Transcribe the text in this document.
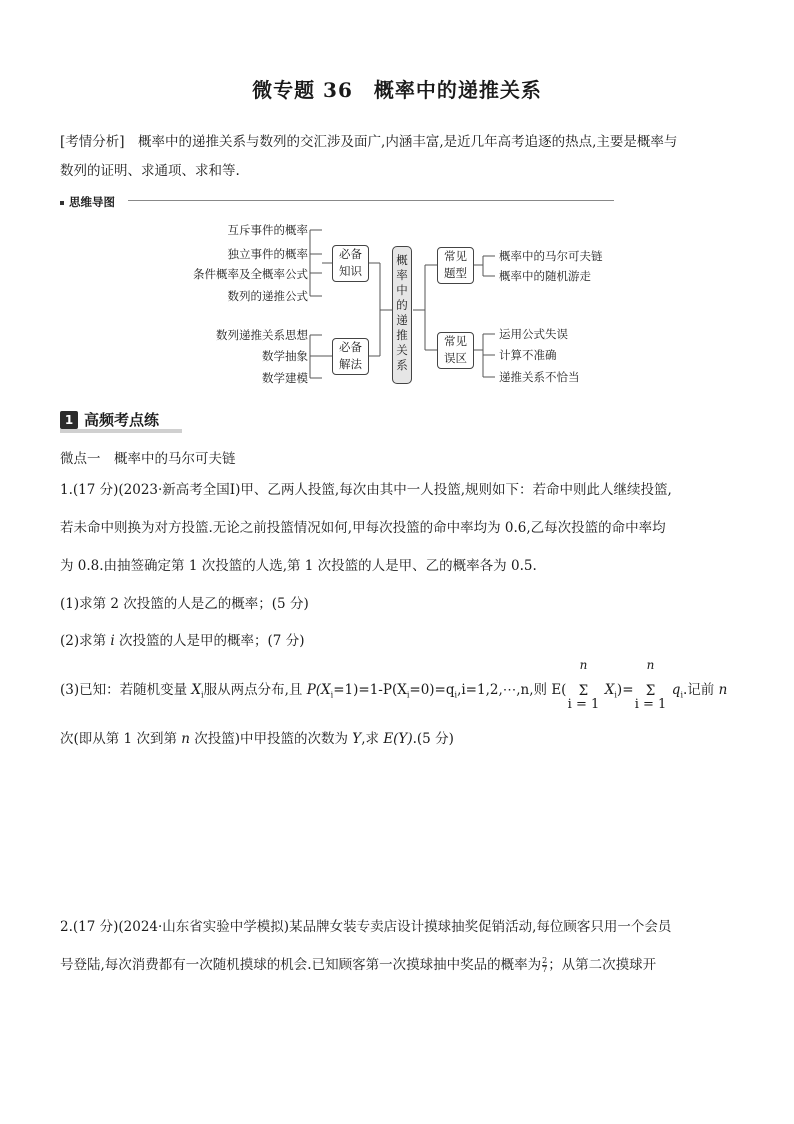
微专题 36　概率中的递推关系
[考情分析]　概率中的递推关系与数列的交汇涉及面广,内涵丰富,是近几年高考追逐的热点,主要是概率与
数列的证明、求通项、求和等.
思维导图
互斥事件的概率
独立事件的概率
条件概率及全概率公式
数列的递推公式
数列递推关系思想
数学抽象
数学建模
必备
知识
必备
解法
概
率
中
的
递
推
关
系
常见
题型
常见
误区
概率中的马尔可夫链
概率中的随机游走
运用公式失误
计算不准确
递推关系不恰当
1 高频考点练
微点一　概率中的马尔可夫链
1.(17 分)(2023·新高考全国Ⅰ)甲、乙两人投篮,每次由其中一人投篮,规则如下：若命中则此人继续投篮,
若未命中则换为对方投篮.无论之前投篮情况如何,甲每次投篮的命中率均为 0.6,乙每次投篮的命中率均
为 0.8.由抽签确定第 1 次投篮的人选,第 1 次投篮的人是甲、乙的概率各为 0.5.
(1)求第 2 次投篮的人是乙的概率；(5 分)
(2)求第 i 次投篮的人是甲的概率；(7 分)
(3)已知：若随机变量 $X_i$服从两点分布,且 $P(X_i=1)=1-P(X_i=0)=q_i,i=1,2,\cdots,n$,则 E(
n
Σ
i = 1
$X_i)=$
n
Σ
i = 1
$q_i$.记前 n
次(即从第 1 次到第 n 次投篮)中甲投篮的次数为 Y,求 E(Y).(5 分)
2.(17 分)(2024·山东省实验中学模拟)某品牌女装专卖店设计摸球抽奖促销活动,每位顾客只用一个会员
号登陆,每次消费都有一次随机摸球的机会.已知顾客第一次摸球抽中奖品的概率为 $\frac{2}{7}$ ；从第二次摸球开
